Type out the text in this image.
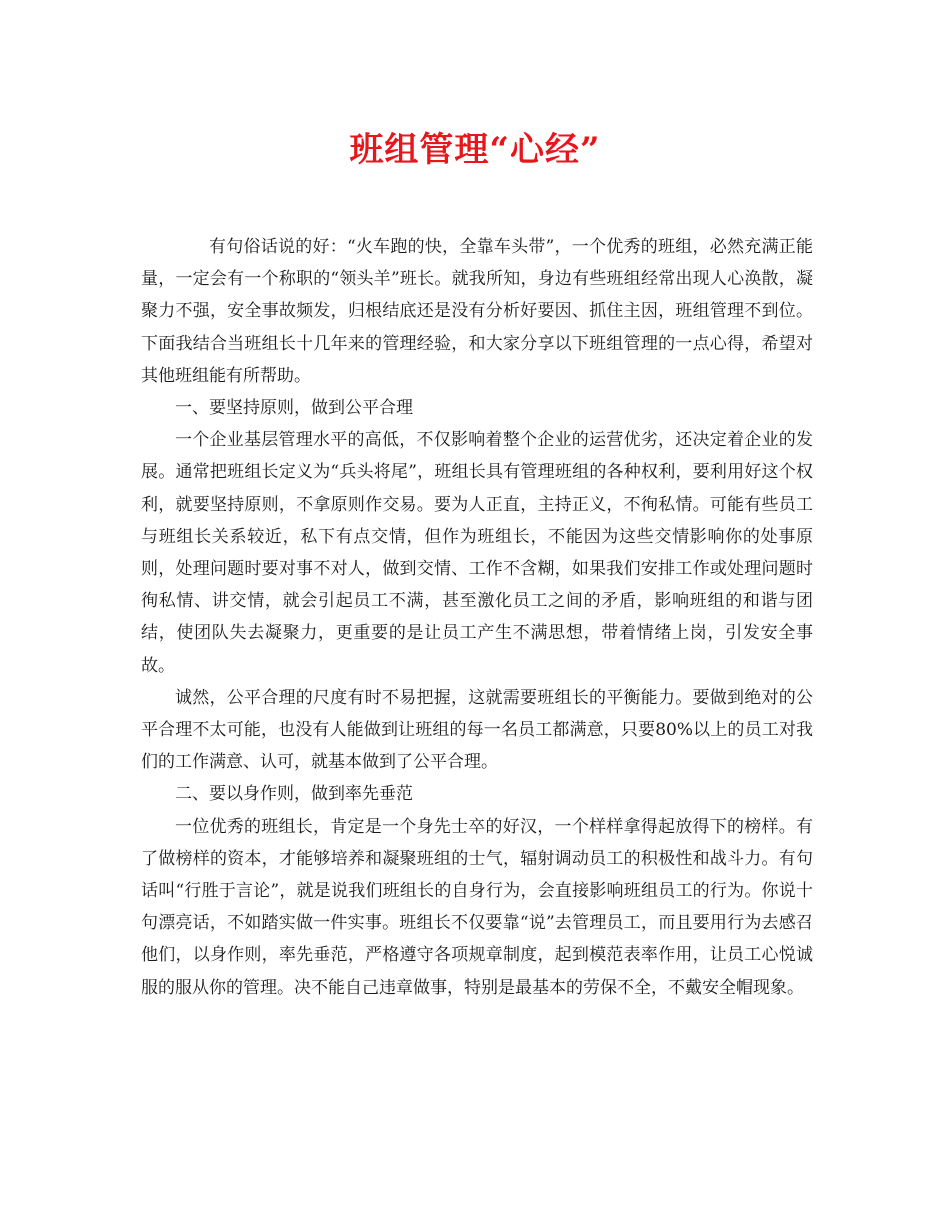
班组管理“心经”

有句俗话说的好：“火车跑的快，全靠车头带”，一个优秀的班组，必然充满正能量，一定会有一个称职的“领头羊”班长。就我所知，身边有些班组经常出现人心涣散，凝聚力不强，安全事故频发，归根结底还是没有分析好要因、抓住主因，班组管理不到位。下面我结合当班组长十几年来的管理经验，和大家分享以下班组管理的一点心得，希望对其他班组能有所帮助。

一、要坚持原则，做到公平合理

一个企业基层管理水平的高低，不仅影响着整个企业的运营优劣，还决定着企业的发展。通常把班组长定义为“兵头将尾”，班组长具有管理班组的各种权利，要利用好这个权利，就要坚持原则，不拿原则作交易。要为人正直，主持正义，不徇私情。可能有些员工与班组长关系较近，私下有点交情，但作为班组长，不能因为这些交情影响你的处事原则，处理问题时要对事不对人，做到交情、工作不含糊，如果我们安排工作或处理问题时徇私情、讲交情，就会引起员工不满，甚至激化员工之间的矛盾，影响班组的和谐与团结，使团队失去凝聚力，更重要的是让员工产生不满思想，带着情绪上岗，引发安全事故。

诚然，公平合理的尺度有时不易把握，这就需要班组长的平衡能力。要做到绝对的公平合理不太可能，也没有人能做到让班组的每一名员工都满意，只要80%以上的员工对我们的工作满意、认可，就基本做到了公平合理。

二、要以身作则，做到率先垂范

一位优秀的班组长，肯定是一个身先士卒的好汉，一个样样拿得起放得下的榜样。有了做榜样的资本，才能够培养和凝聚班组的士气，辐射调动员工的积极性和战斗力。有句话叫“行胜于言论”，就是说我们班组长的自身行为，会直接影响班组员工的行为。你说十句漂亮话，不如踏实做一件实事。班组长不仅要靠“说”去管理员工，而且要用行为去感召他们，以身作则，率先垂范，严格遵守各项规章制度，起到模范表率作用，让员工心悦诚服的服从你的管理。决不能自己违章做事，特别是最基本的劳保不全，不戴安全帽现象。
